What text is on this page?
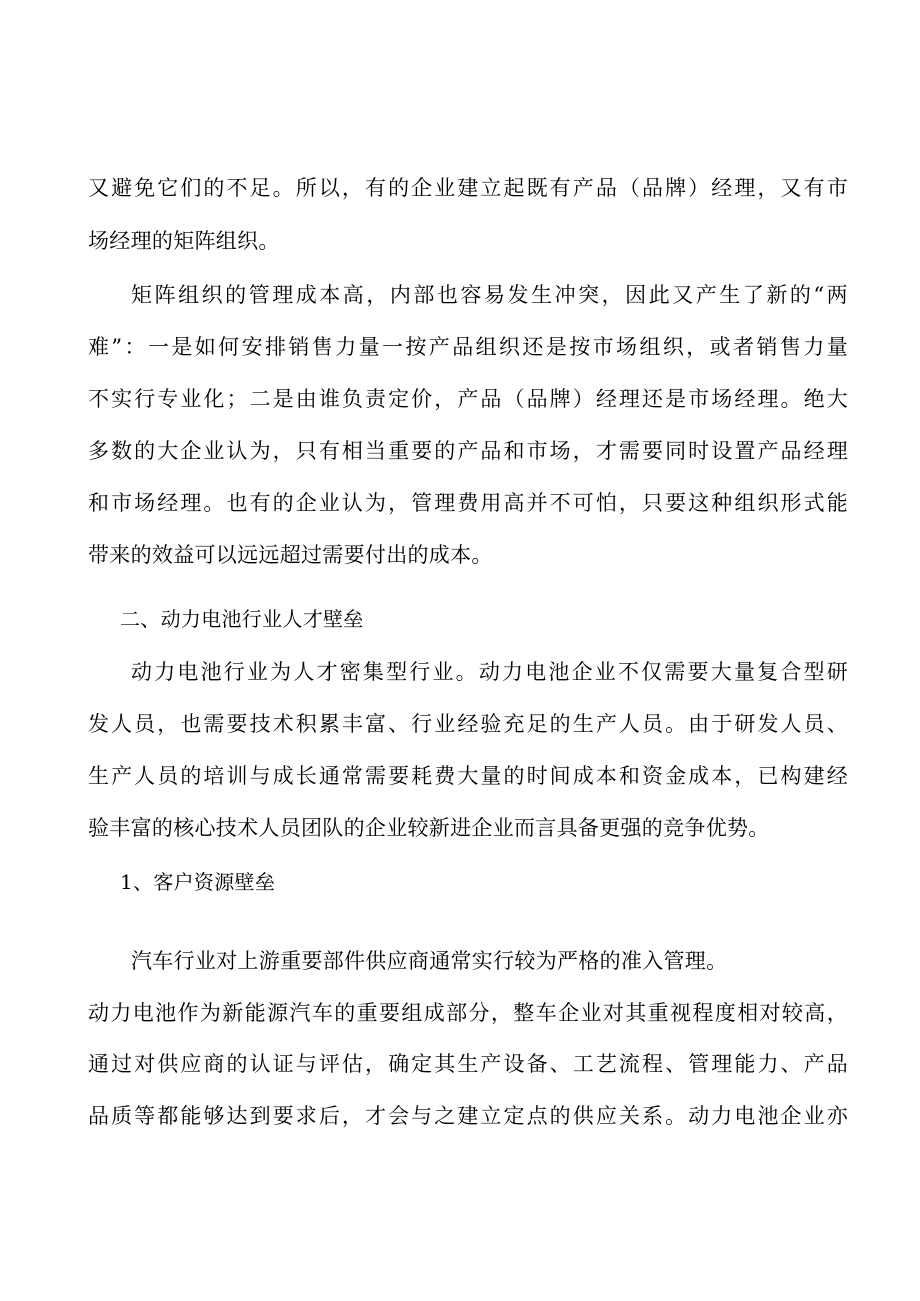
又避免它们的不足。所以，有的企业建立起既有产品（品牌）经理，又有市
场经理的矩阵组织。
矩阵组织的管理成本高，内部也容易发生冲突，因此又产生了新的“两
难”：一是如何安排销售力量一按产品组织还是按市场组织，或者销售力量
不实行专业化；二是由谁负责定价，产品（品牌）经理还是市场经理。绝大
多数的大企业认为，只有相当重要的产品和市场，才需要同时设置产品经理
和市场经理。也有的企业认为，管理费用高并不可怕，只要这种组织形式能
带来的效益可以远远超过需要付出的成本。
二、动力电池行业人才壁垒
动力电池行业为人才密集型行业。动力电池企业不仅需要大量复合型研
发人员，也需要技术积累丰富、行业经验充足的生产人员。由于研发人员、
生产人员的培训与成长通常需要耗费大量的时间成本和资金成本，已构建经
验丰富的核心技术人员团队的企业较新进企业而言具备更强的竞争优势。
1、客户资源壁垒
汽车行业对上游重要部件供应商通常实行较为严格的准入管理。
动力电池作为新能源汽车的重要组成部分，整车企业对其重视程度相对较高，
通过对供应商的认证与评估，确定其生产设备、工艺流程、管理能力、产品
品质等都能够达到要求后，才会与之建立定点的供应关系。动力电池企业亦
